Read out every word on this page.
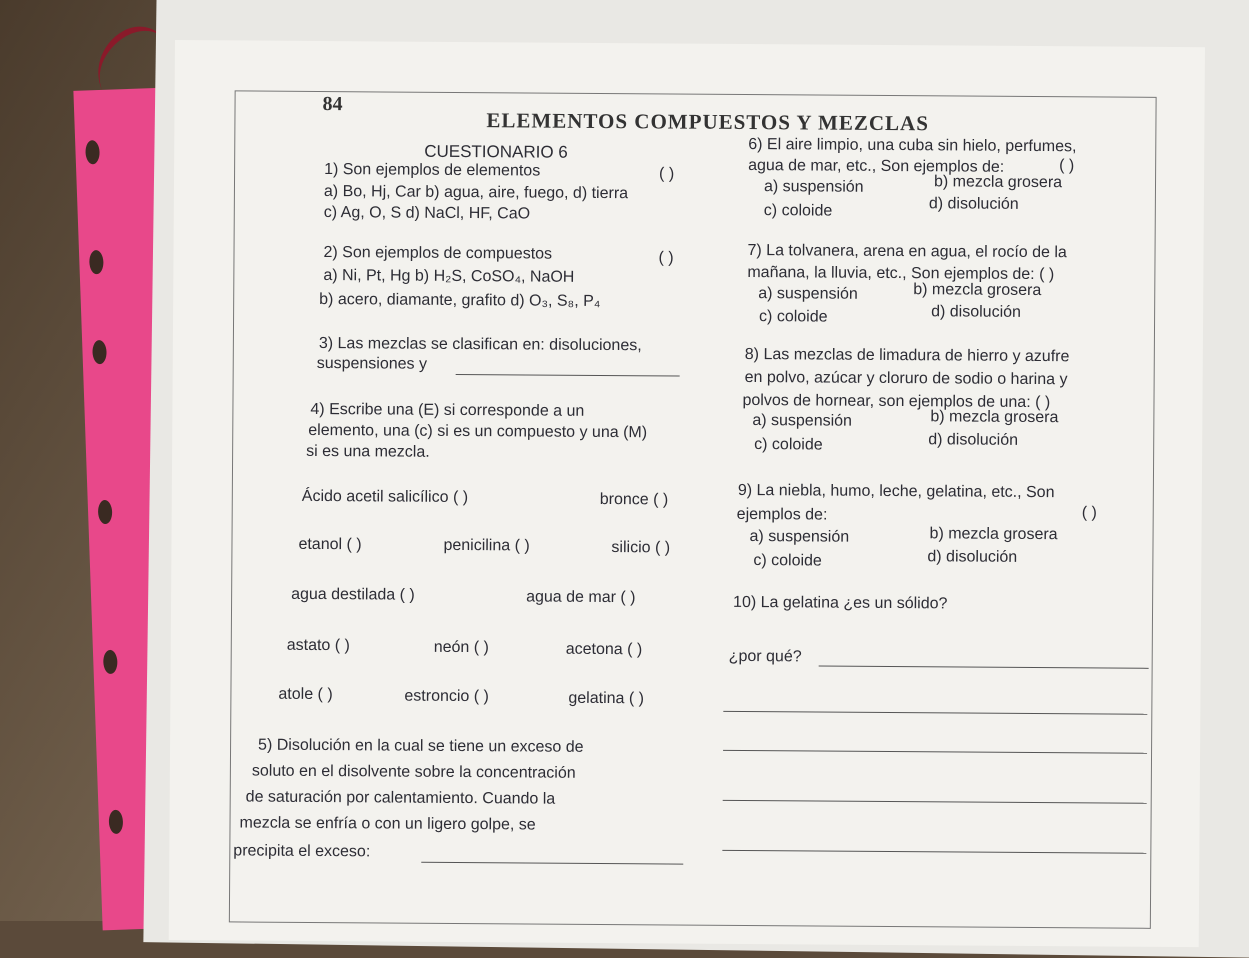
84
ELEMENTOS COMPUESTOS Y MEZCLAS
CUESTIONARIO 6
1) Son ejemplos de elementos	( )
a) Bo, Hj, Car b) agua, aire, fuego, d) tierra
c) Ag, O, S d) NaCl, HF, CaO
2) Son ejemplos de compuestos	( )
a) Ni, Pt, Hg b) H₂S, CoSO₄, NaOH
b) acero, diamante, grafito d) O₃, S₈, P₄
3) Las mezclas se clasifican en: disoluciones,
suspensiones y
4) Escribe una (E) si corresponde a un
elemento, una (c) si es un compuesto y una (M)
si es una mezcla.
Ácido acetil salicílico ( )	bronce ( )
etanol ( )	penicilina ( )	silicio ( )
agua destilada ( )	agua de mar ( )
astato ( )	neón ( )	acetona ( )
atole ( )	estroncio ( )	gelatina ( )
5) Disolución en la cual se tiene un exceso de
soluto en el disolvente sobre la concentración
de saturación por calentamiento. Cuando la
mezcla se enfría o con un ligero golpe, se
precipita el exceso:
6) El aire limpio, una cuba sin hielo, perfumes,
agua de mar, etc., Son ejemplos de:	( )
a) suspensión	b) mezcla grosera
c) coloide	d) disolución
7) La tolvanera, arena en agua, el rocío de la
mañana, la lluvia, etc., Son ejemplos de: ( )
a) suspensión	b) mezcla grosera
c) coloide	d) disolución
8) Las mezclas de limadura de hierro y azufre
en polvo, azúcar y cloruro de sodio o harina y
polvos de hornear, son ejemplos de una: ( )
a) suspensión	b) mezcla grosera
c) coloide	d) disolución
9) La niebla, humo, leche, gelatina, etc., Son
ejemplos de:	( )
a) suspensión	b) mezcla grosera
c) coloide	d) disolución
10) La gelatina ¿es un sólido?
¿por qué?
